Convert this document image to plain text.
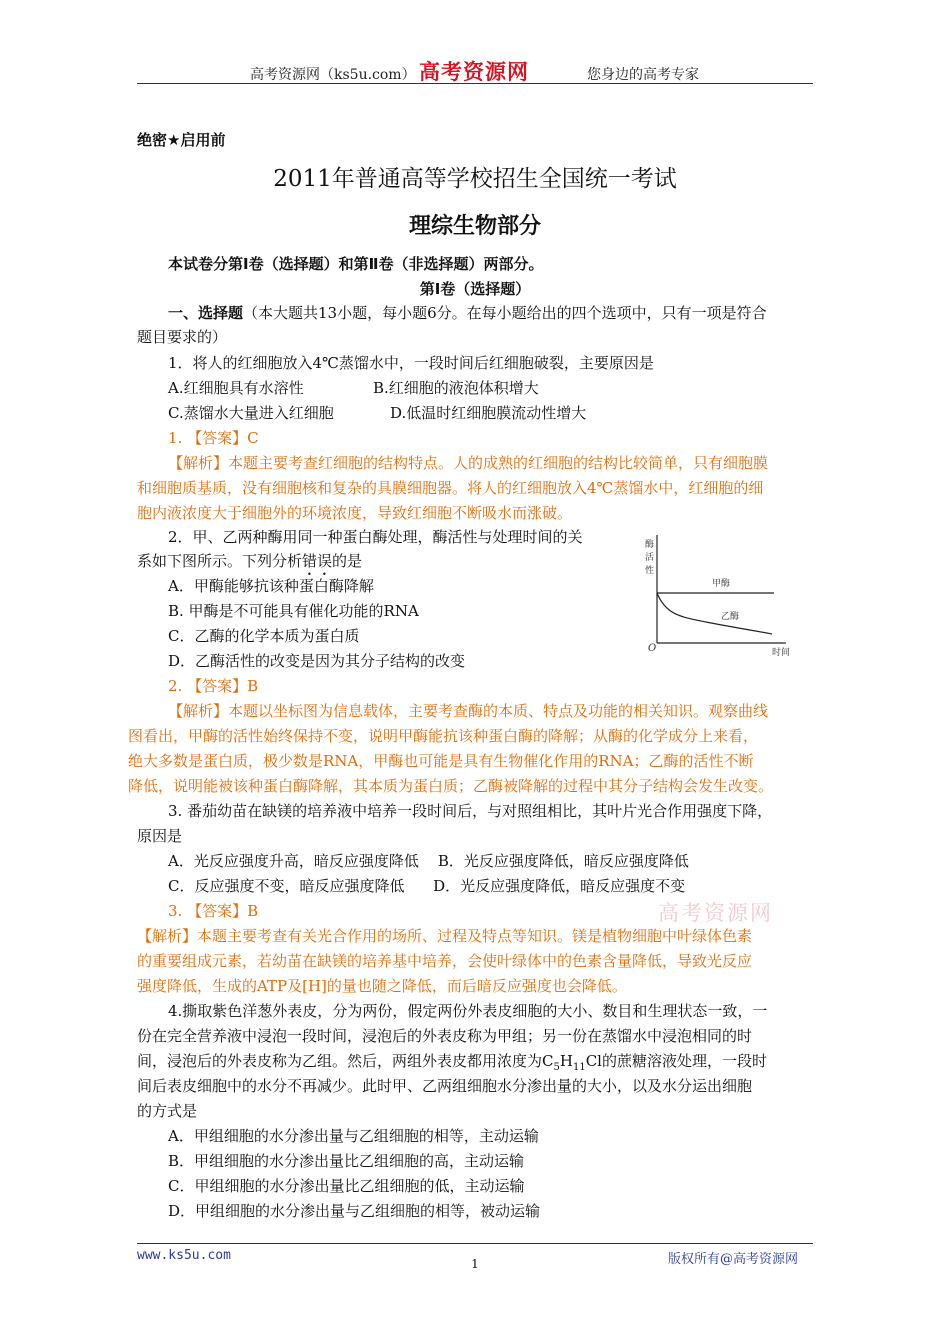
高考资源网（ks5u.com） 高考资源网	您身边的高考专家
绝密★启用前
2011年普通高等学校招生全国统一考试
理综生物部分
本试卷分第Ⅰ卷（选择题）和第Ⅱ卷（非选择题）两部分。
第Ⅰ卷（选择题）
一、选择题（本大题共13小题，每小题6分。在每小题给出的四个选项中，只有一项是符合
题目要求的）
1．将人的红细胞放入4℃蒸馏水中，一段时间后红细胞破裂，主要原因是
A.红细胞具有水溶性	B.红细胞的液泡体积增大
C.蒸馏水大量进入红细胞	D.低温时红细胞膜流动性增大
1. 【答案】C
【解析】本题主要考查红细胞的结构特点。人的成熟的红细胞的结构比较简单，只有细胞膜
和细胞质基质，没有细胞核和复杂的具膜细胞器。将人的红细胞放入4℃蒸馏水中，红细胞的细
胞内液浓度大于细胞外的环境浓度，导致红细胞不断吸水而涨破。
2．甲、乙两种酶用同一种蛋白酶处理，酶活性与处理时间的关
系如下图所示。下列分析错误的是
A．甲酶能够抗该种蛋白酶降解
B. 甲酶是不可能具有催化功能的RNA
C．乙酶的化学本质为蛋白质
D．乙酶活性的改变是因为其分子结构的改变
酶
活
性
O	时间
甲酶
乙酶
2. 【答案】B
【解析】本题以坐标图为信息载体，主要考查酶的本质、特点及功能的相关知识。观察曲线
图看出，甲酶的活性始终保持不变，说明甲酶能抗该种蛋白酶的降解；从酶的化学成分上来看，
绝大多数是蛋白质，极少数是RNA，甲酶也可能是具有生物催化作用的RNA；乙酶的活性不断
降低，说明能被该种蛋白酶降解，其本质为蛋白质；乙酶被降解的过程中其分子结构会发生改变。
3. 番茄幼苗在缺镁的培养液中培养一段时间后，与对照组相比，其叶片光合作用强度下降，
原因是
A．光反应强度升高，暗反应强度降低    B．光反应强度降低，暗反应强度降低
C．反应强度不变，暗反应强度降低      D．光反应强度降低，暗反应强度不变
3. 【答案】B	高考资源网
【解析】本题主要考查有关光合作用的场所、过程及特点等知识。镁是植物细胞中叶绿体色素
的重要组成元素，若幼苗在缺镁的培养基中培养，会使叶绿体中的色素含量降低，导致光反应
强度降低，生成的ATP及[H]的量也随之降低，而后暗反应强度也会降低。
4.撕取紫色洋葱外表皮，分为两份，假定两份外表皮细胞的大小、数目和生理状态一致，一
份在完全营养液中浸泡一段时间，浸泡后的外表皮称为甲组；另一份在蒸馏水中浸泡相同的时
间，浸泡后的外表皮称为乙组。然后，两组外表皮都用浓度为$C_5H_{11}Cl$的蔗糖溶液处理，一段时
间后表皮细胞中的水分不再减少。此时甲、乙两组细胞水分渗出量的大小，以及水分运出细胞
的方式是
A．甲组细胞的水分渗出量与乙组细胞的相等，主动运输
B．甲组细胞的水分渗出量比乙组细胞的高，主动运输
C．甲组细胞的水分渗出量比乙组细胞的低，主动运输
D．甲组细胞的水分渗出量与乙组细胞的相等，被动运输
www.ks5u.com
1	版权所有@高考资源网
